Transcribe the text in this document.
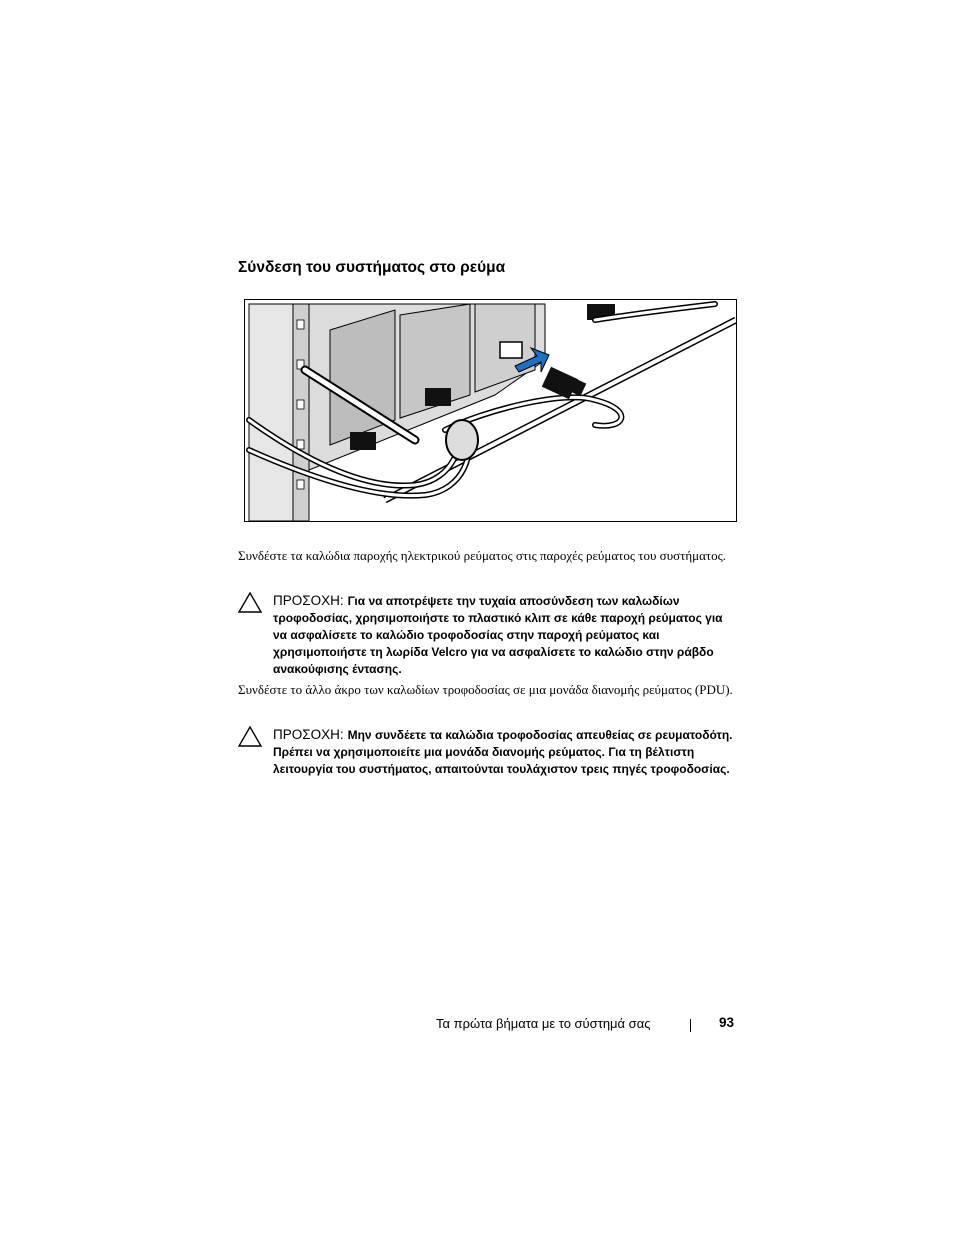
Σύνδεση του συστήματος στο ρεύμα

Συνδέστε τα καλώδια παροχής ηλεκτρικού ρεύματος στις παροχές ρεύματος του συστήματος.

ΠΡΟΣΟΧΗ: Για να αποτρέψετε την τυχαία αποσύνδεση των καλωδίων τροφοδοσίας, χρησιμοποιήστε το πλαστικό κλιπ σε κάθε παροχή ρεύματος για να ασφαλίσετε το καλώδιο τροφοδοσίας στην παροχή ρεύματος και χρησιμοποιήστε τη λωρίδα Velcro για να ασφαλίσετε το καλώδιο στην ράβδο ανακούφισης έντασης.

Συνδέστε το άλλο άκρο των καλωδίων τροφοδοσίας σε μια μονάδα διανομής ρεύματος (PDU).

ΠΡΟΣΟΧΗ: Μην συνδέετε τα καλώδια τροφοδοσίας απευθείας σε ρευματοδότη. Πρέπει να χρησιμοποιείτε μια μονάδα διανομής ρεύματος. Για τη βέλτιστη λειτουργία του συστήματος, απαιτούνται τουλάχιστον τρεις πηγές τροφοδοσίας.
Τα πρώτα βήματα με το σύστημά σας	93
